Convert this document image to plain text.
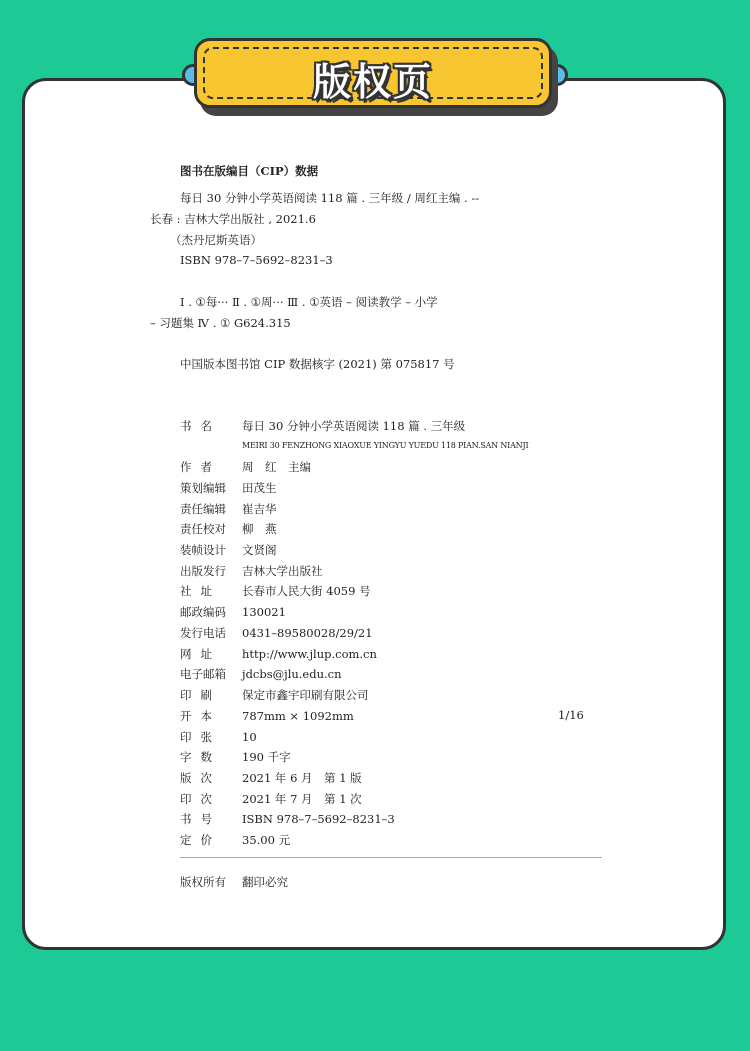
版权页
图书在版编目（CIP）数据
每日 30 分钟小学英语阅读 118 篇 . 三年级 / 周红主编 . --
长春 : 吉林大学出版社 , 2021.6
（杰丹尼斯英语）
ISBN 978–7–5692–8231–3
Ⅰ . ①每··· Ⅱ . ①周··· Ⅲ . ①英语 – 阅读教学 – 小学
– 习题集 Ⅳ . ① G624.315
中国版本图书馆 CIP 数据核字 (2021) 第 075817 号
MEIRI 30 FENZHONG XIAOXUE YINGYU YUEDU 118 PIAN.SAN NIANJI
书名 每日 30 分钟小学英语阅读 118 篇 . 三年级
作者 周　红　主编
策划编辑 田茂生
责任编辑 崔吉华
责任校对 柳　燕
装帧设计 文贤阁
出版发行 吉林大学出版社
社址 长春市人民大街 4059 号
邮政编码 130021
发行电话 0431–89580028/29/21
网址 http://www.jlup.com.cn
电子邮箱 jdcbs@jlu.edu.cn
印刷 保定市鑫宇印刷有限公司
开本 787mm × 1092mm	1/16
印张 10
字数 190 千字
版次 2021 年 6 月　第 1 版
印次 2021 年 7 月　第 1 次
书号 ISBN 978–7–5692–8231–3
定价 35.00 元
版权所有 翻印必究
